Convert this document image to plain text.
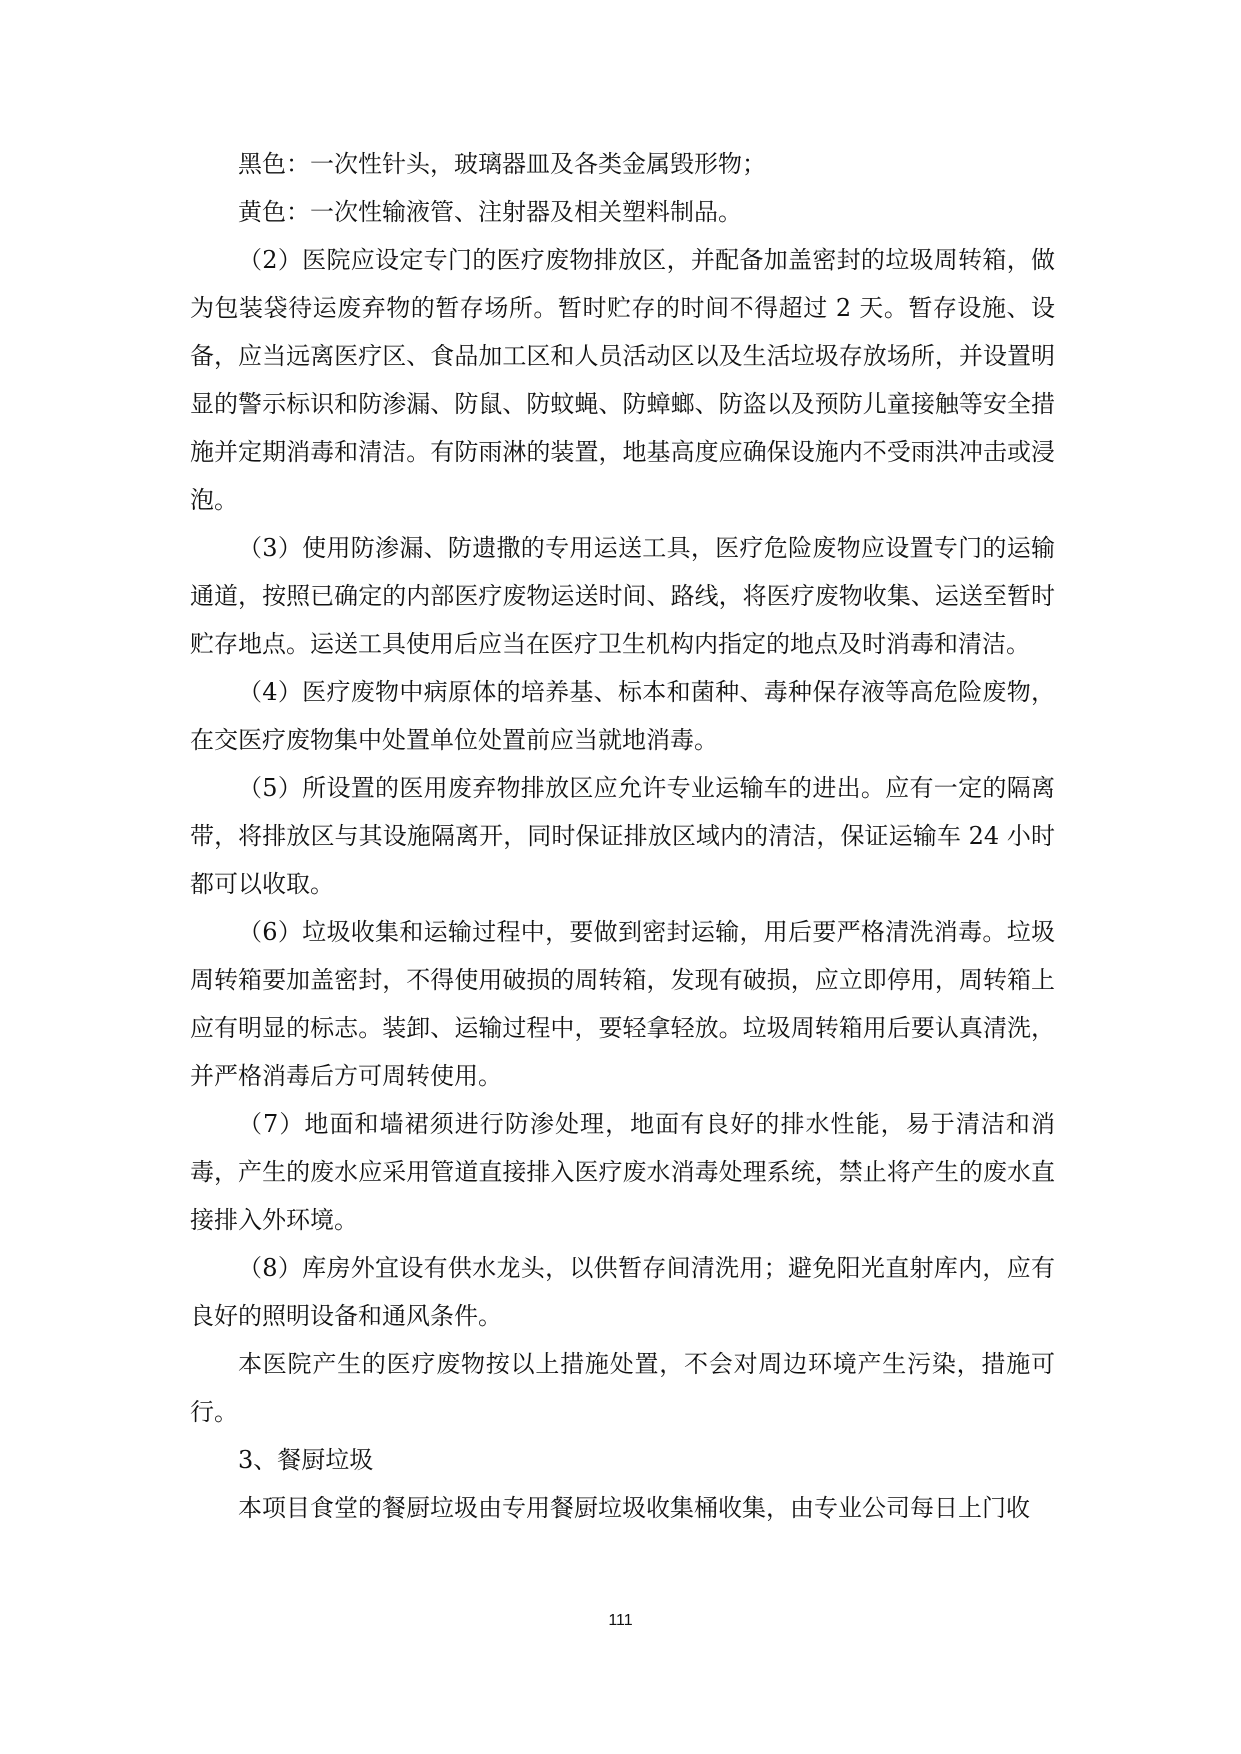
黑色：一次性针头，玻璃器皿及各类金属毁形物；

黄色：一次性输液管、注射器及相关塑料制品。

（2）医院应设定专门的医疗废物排放区，并配备加盖密封的垃圾周转箱，做为包装袋待运废弃物的暂存场所。暂时贮存的时间不得超过 2 天。暂存设施、设备，应当远离医疗区、食品加工区和人员活动区以及生活垃圾存放场所，并设置明显的警示标识和防渗漏、防鼠、防蚊蝇、防蟑螂、防盗以及预防儿童接触等安全措施并定期消毒和清洁。有防雨淋的装置，地基高度应确保设施内不受雨洪冲击或浸泡。

（3）使用防渗漏、防遗撒的专用运送工具，医疗危险废物应设置专门的运输通道，按照已确定的内部医疗废物运送时间、路线，将医疗废物收集、运送至暂时贮存地点。运送工具使用后应当在医疗卫生机构内指定的地点及时消毒和清洁。

（4）医疗废物中病原体的培养基、标本和菌种、毒种保存液等高危险废物，在交医疗废物集中处置单位处置前应当就地消毒。

（5）所设置的医用废弃物排放区应允许专业运输车的进出。应有一定的隔离带，将排放区与其设施隔离开，同时保证排放区域内的清洁，保证运输车 24 小时都可以收取。

（6）垃圾收集和运输过程中，要做到密封运输，用后要严格清洗消毒。垃圾周转箱要加盖密封，不得使用破损的周转箱，发现有破损，应立即停用，周转箱上应有明显的标志。装卸、运输过程中，要轻拿轻放。垃圾周转箱用后要认真清洗，并严格消毒后方可周转使用。

（7）地面和墙裙须进行防渗处理，地面有良好的排水性能，易于清洁和消毒，产生的废水应采用管道直接排入医疗废水消毒处理系统，禁止将产生的废水直接排入外环境。

（8）库房外宜设有供水龙头，以供暂存间清洗用；避免阳光直射库内，应有良好的照明设备和通风条件。

本医院产生的医疗废物按以上措施处置，不会对周边环境产生污染，措施可行。

3、餐厨垃圾

本项目食堂的餐厨垃圾由专用餐厨垃圾收集桶收集，由专业公司每日上门收

111
